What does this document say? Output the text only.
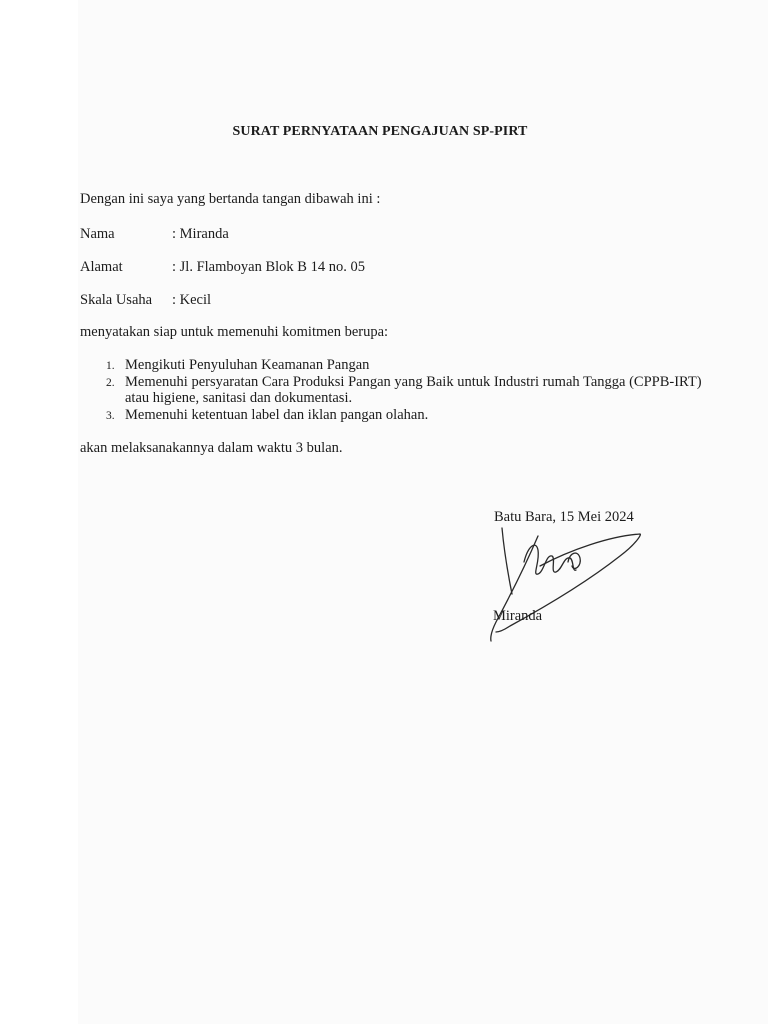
SURAT PERNYATAAN PENGAJUAN SP-PIRT
Dengan ini saya yang bertanda tangan dibawah ini :
Nama	: Miranda
Alamat	: Jl. Flamboyan Blok B 14 no. 05
Skala Usaha : Kecil
menyatakan siap untuk memenuhi komitmen berupa:
1. Mengikuti Penyuluhan Keamanan Pangan
2. Memenuhi persyaratan Cara Produksi Pangan yang Baik untuk Industri rumah Tangga (CPPB-IRT) atau higiene, sanitasi dan dokumentasi.
3. Memenuhi ketentuan label dan iklan pangan olahan.
akan melaksanakannya dalam waktu 3 bulan.
Batu Bara, 15 Mei 2024
Miranda
